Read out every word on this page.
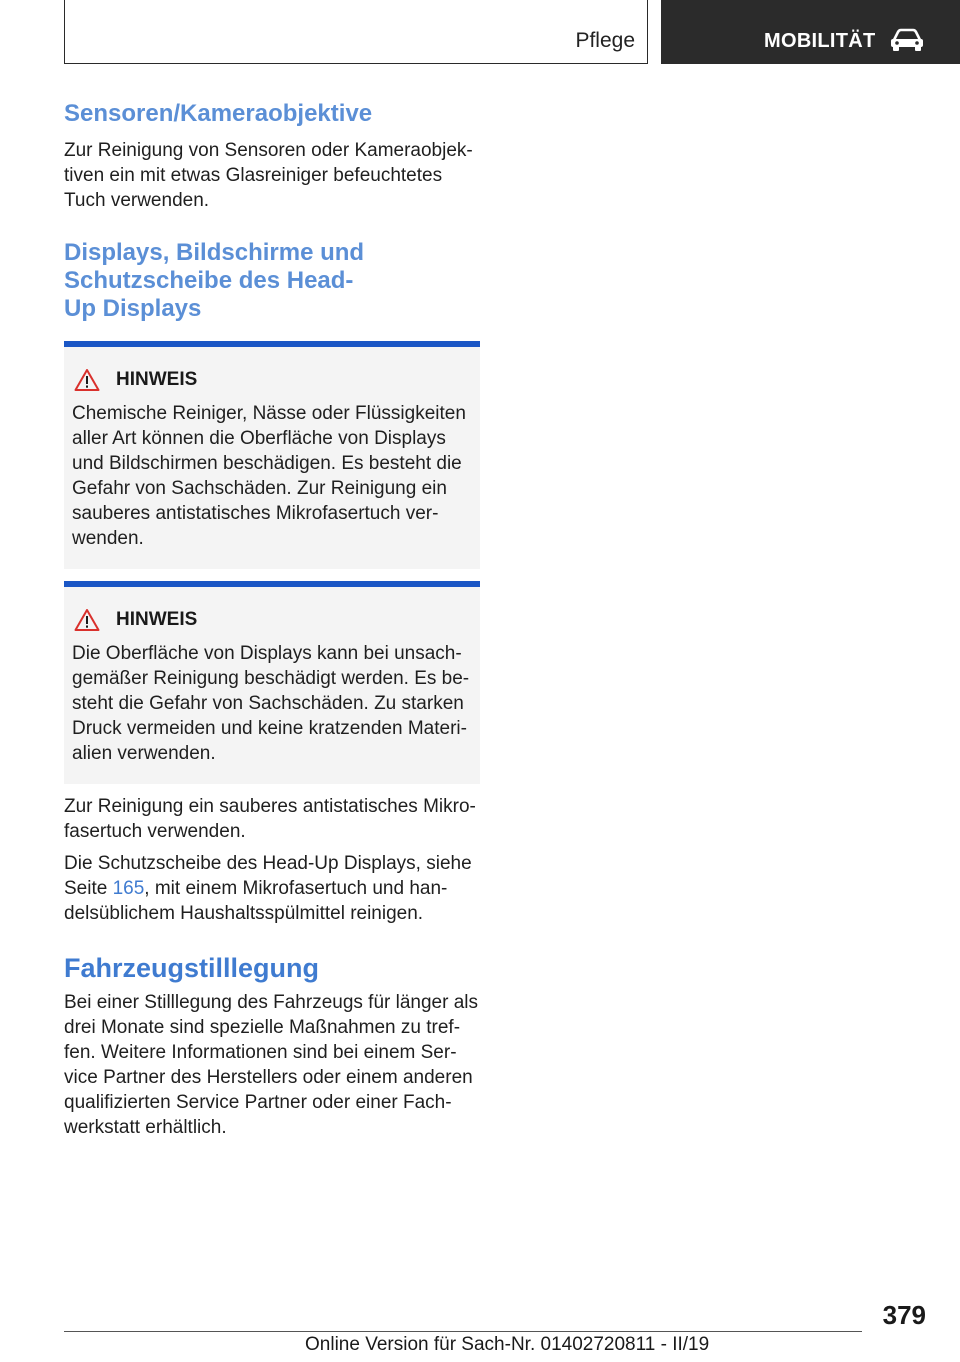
Pflege	MOBILITÄT
Sensoren/Kameraobjektive

Zur Reinigung von Sensoren oder Kameraobjek-
tiven ein mit etwas Glasreiniger befeuchtetes
Tuch verwenden.

Displays, Bildschirme und
Schutzscheibe des Head-
Up Displays
HINWEIS

Chemische Reiniger, Nässe oder Flüssigkeiten
aller Art können die Oberfläche von Displays
und Bildschirmen beschädigen. Es besteht die
Gefahr von Sachschäden. Zur Reinigung ein
sauberes antistatisches Mikrofasertuch ver-
wenden.

HINWEIS

Die Oberfläche von Displays kann bei unsach-
gemäßer Reinigung beschädigt werden. Es be-
steht die Gefahr von Sachschäden. Zu starken
Druck vermeiden und keine kratzenden Materi-
alien verwenden.

Zur Reinigung ein sauberes antistatisches Mikro-
fasertuch verwenden.

Die Schutzscheibe des Head-Up Displays, siehe
Seite 165, mit einem Mikrofasertuch und han-
delsüblichem Haushaltsspülmittel reinigen.

Fahrzeugstilllegung

Bei einer Stilllegung des Fahrzeugs für länger als
drei Monate sind spezielle Maßnahmen zu tref-
fen. Weitere Informationen sind bei einem Ser-
vice Partner des Herstellers oder einem anderen
qualifizierten Service Partner oder einer Fach-
werkstatt erhältlich.

379
Online Version für Sach-Nr. 01402720811 - II/19
